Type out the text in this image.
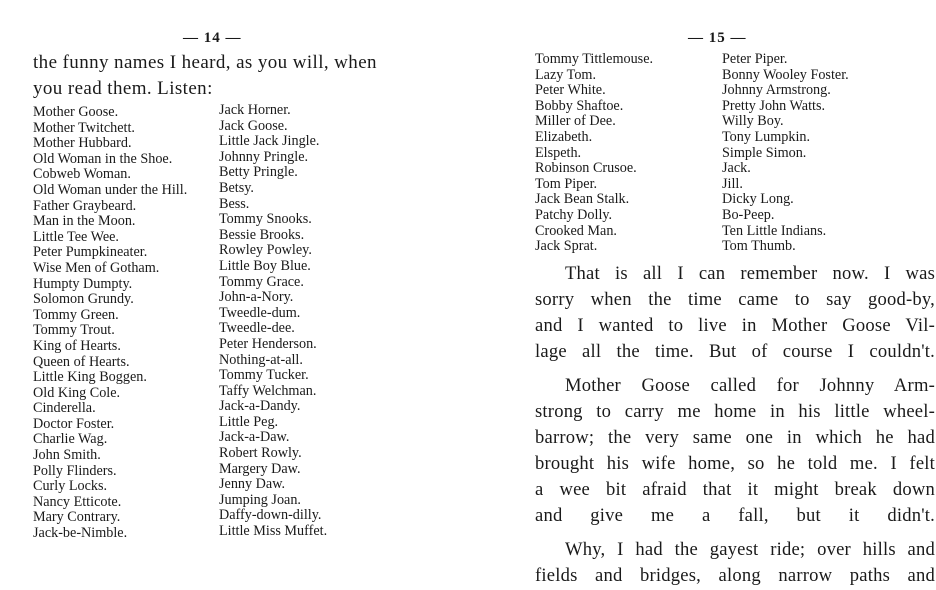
— 14 —
the funny names I heard, as you will, when
you read them. Listen:
Mother Goose.
Mother Twitchett.
Mother Hubbard.
Old Woman in the Shoe.
Cobweb Woman.
Old Woman under the Hill.
Father Graybeard.
Man in the Moon.
Little Tee Wee.
Peter Pumpkineater.
Wise Men of Gotham.
Humpty Dumpty.
Solomon Grundy.
Tommy Green.
Tommy Trout.
King of Hearts.
Queen of Hearts.
Little King Boggen.
Old King Cole.
Cinderella.
Doctor Foster.
Charlie Wag.
John Smith.
Polly Flinders.
Curly Locks.
Nancy Etticote.
Mary Contrary.
Jack-be-Nimble.
Jack Horner.
Jack Goose.
Little Jack Jingle.
Johnny Pringle.
Betty Pringle.
Betsy.
Bess.
Tommy Snooks.
Bessie Brooks.
Rowley Powley.
Little Boy Blue.
Tommy Grace.
John-a-Nory.
Tweedle-dum.
Tweedle-dee.
Peter Henderson.
Nothing-at-all.
Tommy Tucker.
Taffy Welchman.
Jack-a-Dandy.
Little Peg.
Jack-a-Daw.
Robert Rowly.
Margery Daw.
Jenny Daw.
Jumping Joan.
Daffy-down-dilly.
Little Miss Muffet.
— 15 —
Tommy Tittlemouse.
Lazy Tom.
Peter White.
Bobby Shaftoe.
Miller of Dee.
Elizabeth.
Elspeth.
Robinson Crusoe.
Tom Piper.
Jack Bean Stalk.
Patchy Dolly.
Crooked Man.
Jack Sprat.
Peter Piper.
Bonny Wooley Foster.
Johnny Armstrong.
Pretty John Watts.
Willy Boy.
Tony Lumpkin.
Simple Simon.
Jack.
Jill.
Dicky Long.
Bo-Peep.
Ten Little Indians.
Tom Thumb.
That is all I can remember now. I was
sorry when the time came to say good-by,
and I wanted to live in Mother Goose Vil-
lage all the time. But of course I couldn't.
Mother Goose called for Johnny Arm-
strong to carry me home in his little wheel-
barrow; the very same one in which he had
brought his wife home, so he told me. I felt
a wee bit afraid that it might break down
and give me a fall, but it didn't.
Why, I had the gayest ride; over hills and
fields and bridges, along narrow paths and
